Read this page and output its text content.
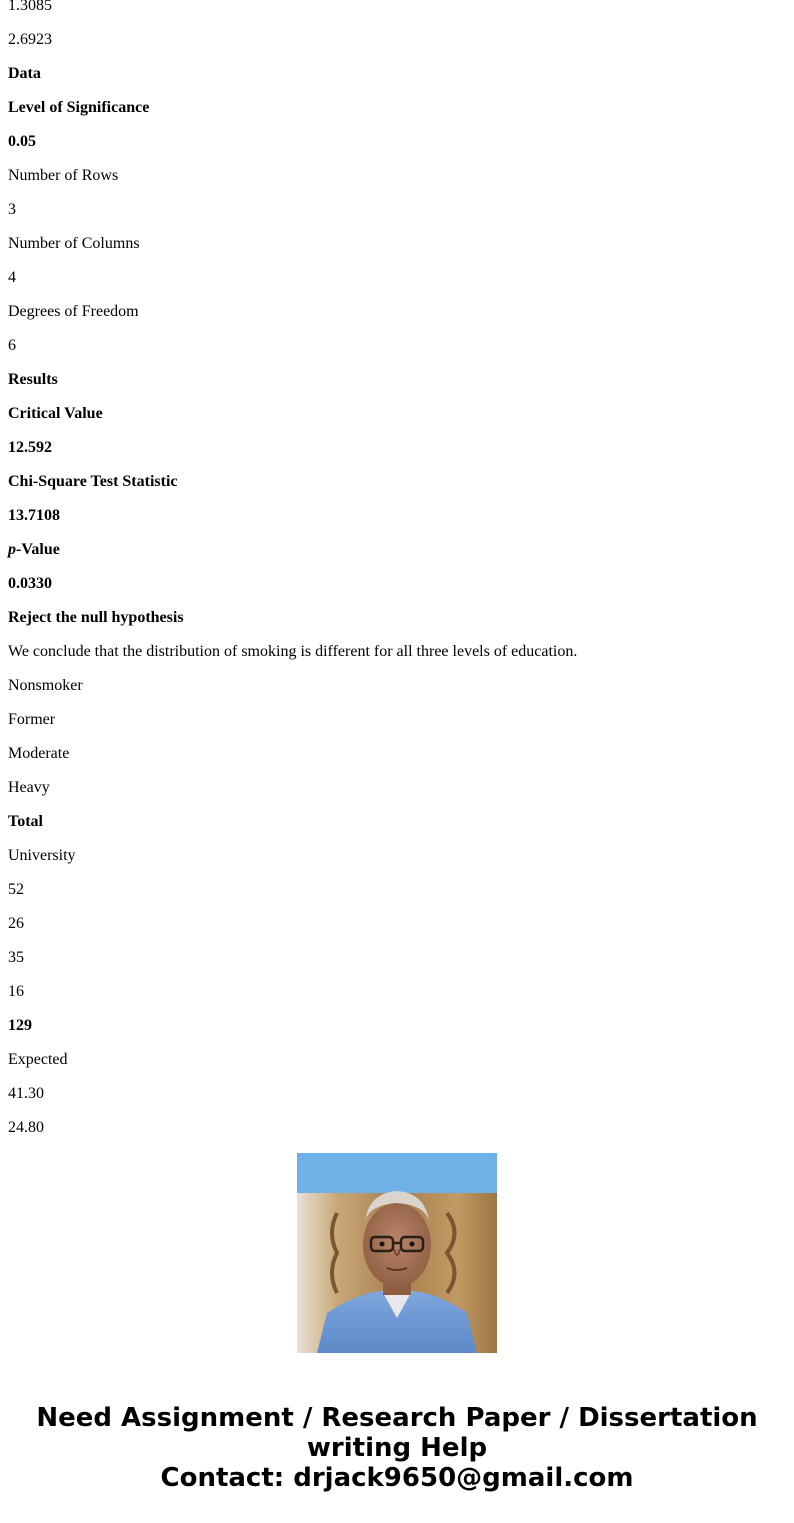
1.3085
2.6923
Data
Level of Significance
0.05
Number of Rows
3
Number of Columns
4
Degrees of Freedom
6
Results
Critical Value
12.592
Chi-Square Test Statistic
13.7108
p-Value
0.0330
Reject the null hypothesis
We conclude that the distribution of smoking is different for all three levels of education.
Nonsmoker
Former
Moderate
Heavy
Total
University
52
26
35
16
129
Expected
41.30
24.80
Need Assignment / Research Paper / Dissertation writing Help
Contact: drjack9650@gmail.com
